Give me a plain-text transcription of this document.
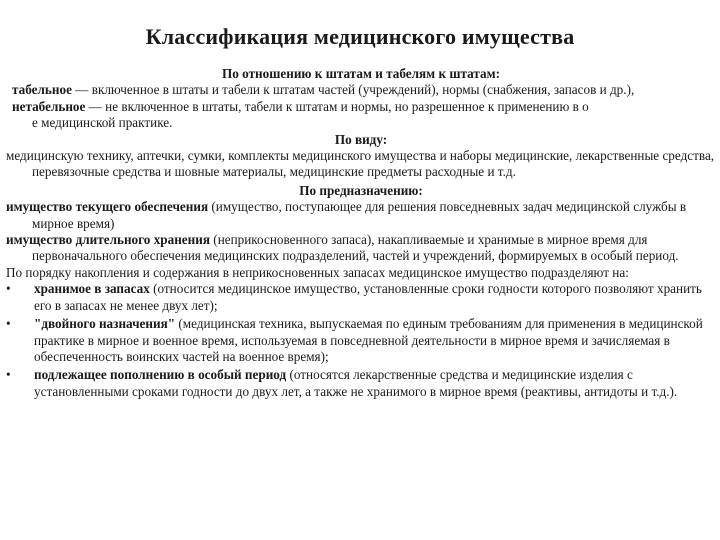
Классификация медицинского имущества
По отношению к штатам и табелям к штатам:
табельное — включенное в штаты и табели к штатам частей (учреждений), нормы (снабжения, запасов и др.),
нетабельное — не включенное в штаты, табели к штатам и нормы, но разрешенное к применению в о
е медицинской практике.
По виду:
медицинскую технику, аптечки, сумки, комплекты медицинского имущества и наборы медицинские, лекарственные средства, перевязочные средства и шовные материалы, медицинские предметы расходные и т.д.
По предназначению:
имущество текущего обеспечения (имущество, поступающее для решения повседневных задач медицинской службы в мирное время)
имущество длительного хранения (неприкосновенного запаса), накапливаемые и хранимые в мирное время для первоначального обеспечения медицинских подразделений, частей и учреждений, формируемых в особый период.
По порядку накопления и содержания в неприкосновенных запасах медицинское имущество подразделяют на:
• хранимое в запасах (относится медицинское имущество, установленные сроки годности которого позволяют хранить его в запасах не менее двух лет);
• "двойного назначения" (медицинская техника, выпускаемая по единым требованиям для применения в медицинской практике в мирное и военное время, используемая в повседневной деятельности в мирное время и зачисляемая в обеспеченность воинских частей на военное время);
• подлежащее пополнению в особый период (относятся лекарственные средства и медицинские изделия с установленными сроками годности до двух лет, а также не хранимого в мирное время (реактивы, антидоты и т.д.).
